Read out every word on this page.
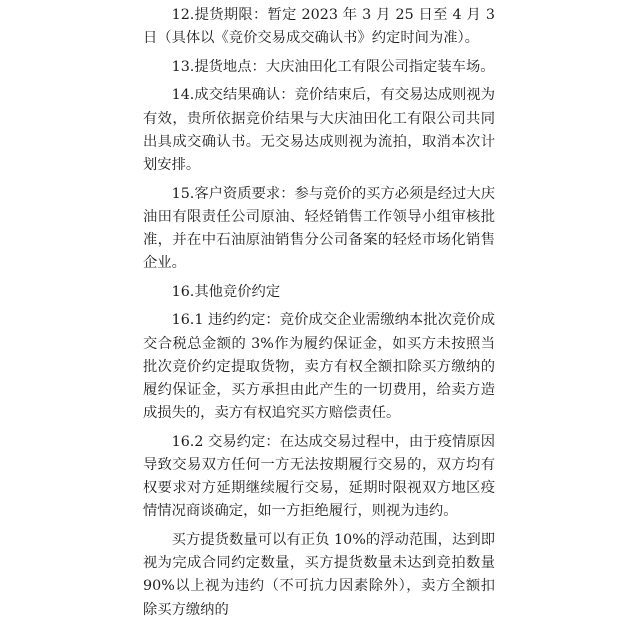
12.提货期限：暂定 2023 年 3 月 25 日至 4 月 3 日（具体以《竞价交易成交确认书》约定时间为准）。

13.提货地点：大庆油田化工有限公司指定装车场。

14.成交结果确认：竞价结束后，有交易达成则视为有效，贵所依据竞价结果与大庆油田化工有限公司共同出具成交确认书。无交易达成则视为流拍，取消本次计划安排。

15.客户资质要求：参与竞价的买方必须是经过大庆油田有限责任公司原油、轻烃销售工作领导小组审核批准，并在中石油原油销售分公司备案的轻烃市场化销售企业。

16.其他竞价约定

16.1 违约约定：竞价成交企业需缴纳本批次竞价成交合税总金额的 3%作为履约保证金，如买方未按照当批次竞价约定提取货物，卖方有权全额扣除买方缴纳的履约保证金，买方承担由此产生的一切费用，给卖方造成损失的，卖方有权追究买方赔偿责任。

16.2 交易约定：在达成交易过程中，由于疫情原因导致交易双方任何一方无法按期履行交易的，双方均有权要求对方延期继续履行交易，延期时限视双方地区疫情情况商谈确定，如一方拒绝履行，则视为违约。

买方提货数量可以有正负 10%的浮动范围，达到即视为完成合同约定数量，买方提货数量未达到竞拍数量 90%以上视为违约（不可抗力因素除外），卖方全额扣除买方缴纳的
